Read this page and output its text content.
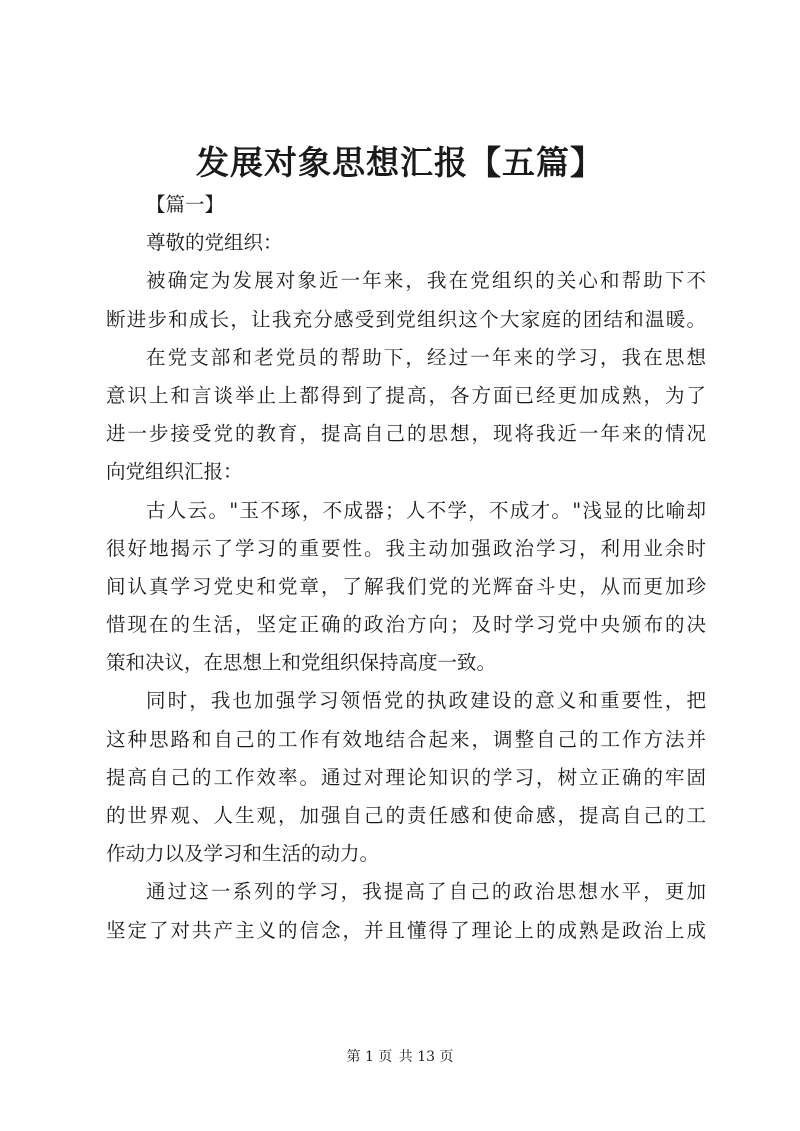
发展对象思想汇报【五篇】
【篇一】
尊敬的党组织：
被确定为发展对象近一年来，我在党组织的关心和帮助下不
断进步和成长，让我充分感受到党组织这个大家庭的团结和温暖。
在党支部和老党员的帮助下，经过一年来的学习，我在思想
意识上和言谈举止上都得到了提高，各方面已经更加成熟，为了
进一步接受党的教育，提高自己的思想，现将我近一年来的情况
向党组织汇报：
古人云。"玉不琢，不成器；人不学，不成才。"浅显的比喻却
很好地揭示了学习的重要性。我主动加强政治学习，利用业余时
间认真学习党史和党章，了解我们党的光辉奋斗史，从而更加珍
惜现在的生活，坚定正确的政治方向；及时学习党中央颁布的决
策和决议，在思想上和党组织保持高度一致。
同时，我也加强学习领悟党的执政建设的意义和重要性，把
这种思路和自己的工作有效地结合起来，调整自己的工作方法并
提高自己的工作效率。通过对理论知识的学习，树立正确的牢固
的世界观、人生观，加强自己的责任感和使命感，提高自己的工
作动力以及学习和生活的动力。
通过这一系列的学习，我提高了自己的政治思想水平，更加
坚定了对共产主义的信念，并且懂得了理论上的成熟是政治上成
第 1 页 共 13 页
